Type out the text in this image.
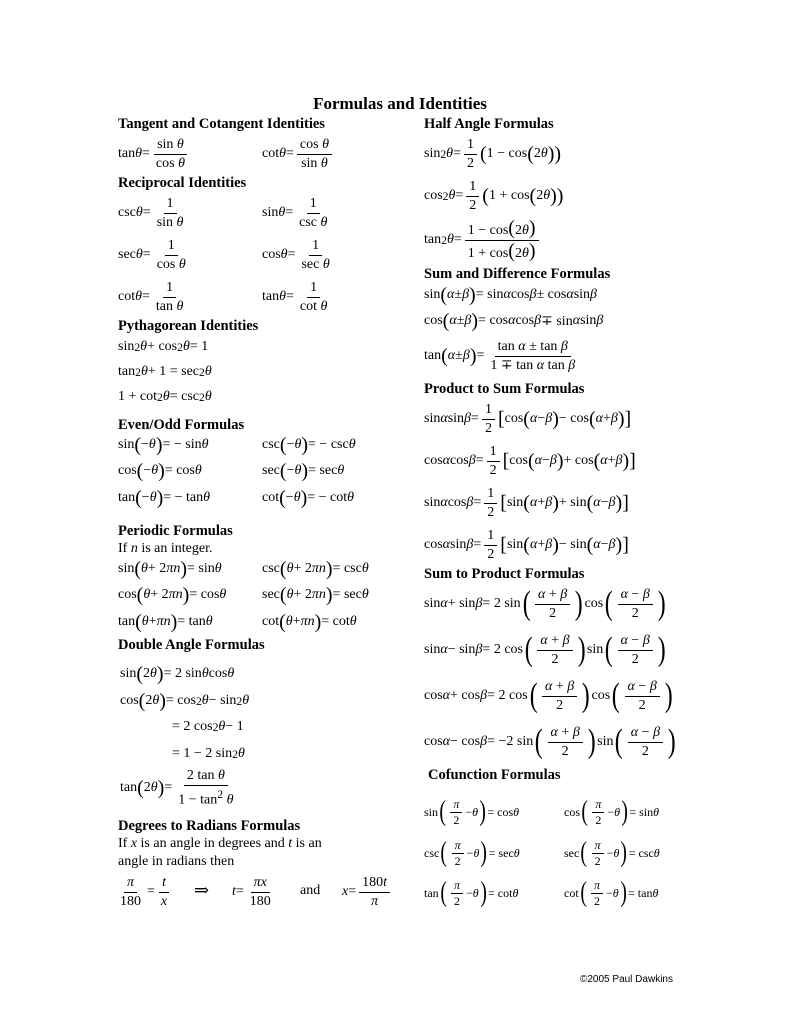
Formulas and Identities
Tangent and Cotangent Identities
$\tan \theta = \frac{\text{sin θ}}{\text{cos θ}}$	$\cot \theta = \frac{\text{cos θ}}{\text{sin θ}}$
Reciprocal Identities
$\csc \theta = \frac{1}{\text{sin θ}}$	$\sin \theta = \frac{1}{\text{csc θ}}$
$\sec \theta = \frac{1}{\text{cos θ}}$	$\cos \theta = \frac{1}{\text{sec θ}}$
$\cot \theta = \frac{1}{\text{tan θ}}$	$\tan \theta = \frac{1}{\text{cot θ}}$
Pythagorean Identities
sin 2 θ + cos 2 θ = 1
tan 2 θ + 1 = sec 2 θ
1 + cot 2 θ = csc 2 θ
Even/Odd Formulas
sin ( − θ ) = − sin θ	csc ( − θ ) = − csc θ
cos ( − θ ) = cos θ	sec ( − θ ) = sec θ
tan ( − θ ) = − tan θ	cot ( − θ ) = − cot θ
Periodic Formulas
If n is an integer.
sin ( θ + 2 πn ) = sin θ	csc ( θ + 2 πn ) = csc θ
cos ( θ + 2 πn ) = cos θ	sec ( θ + 2 πn ) = sec θ
tan ( θ + πn ) = tan θ	cot ( θ + πn ) = cot θ
Double Angle Formulas
sin ( 2 θ ) = 2 sin θ cos θ
cos ( 2 θ ) = cos 2 θ − sin 2 θ
= 2 cos 2 θ − 1
= 1 − 2 sin 2 θ
tan ( 2 θ ) = $\frac{\text{2 tan θ}}{1 - \tan^2 \theta}$
Degrees to Radians Formulas
If x is an angle in degrees and t is an
angle in radians then
$\frac{\pi}{180} = \frac{t}{x}$ ⇒ $t = \frac{\pi x}{180}$ and $x = \frac{180t}{\pi}$
Half Angle Formulas
sin 2 $\theta = \frac{1}{2}$ ( 1 − cos ( 2 θ ))
cos 2 $\theta = \frac{1}{2}$ ( 1 + cos ( 2 θ ))
tan 2 $\theta = \frac{1 - \cos(2\theta)}{1 + \cos(2\theta)}$
Sum and Difference Formulas
sin ( α ± β ) = sin α cos β ± cos α sin β
cos ( α ± β ) = cos α cos β ∓ sin α sin β
tan ( α ± β ) = $\frac{\text{tan α ± tan β}}{\text{1 ∓ tan α tan β}}$
Product to Sum Formulas
sin α $\sin \beta = \frac{1}{2}$ [ cos ( α − β ) − cos ( α + β )]
cos α $\cos \beta = \frac{1}{2}$ [ cos ( α − β ) + cos ( α + β )]
sin α $\cos \beta = \frac{1}{2}$ [ sin ( α + β ) + sin ( α − β )]
cos α $\sin \beta = \frac{1}{2}$ [ sin ( α + β ) − sin ( α − β )]
Sum to Product Formulas
sin α + sin β = 2 sin ( $\frac{\alpha + \beta}{2}$ ) cos ( $\frac{\alpha - \beta}{2}$ )
sin α − sin β = 2 cos ( $\frac{\alpha + \beta}{2}$ ) sin ( $\frac{\alpha - \beta}{2}$ )
cos α + cos β = 2 cos ( $\frac{\alpha + \beta}{2}$ ) cos ( $\frac{\alpha - \beta}{2}$ )
cos α − cos β = −2 sin ( $\frac{\alpha + \beta}{2}$ ) sin ( $\frac{\alpha - \beta}{2}$ )
Cofunction Formulas
sin ( $\frac{\pi}{2} - \theta$ ) = cos θ	cos ( $\frac{\pi}{2} - \theta$ ) = sin θ
csc ( $\frac{\pi}{2} - \theta$ ) = sec θ	sec ( $\frac{\pi}{2} - \theta$ ) = csc θ
tan ( $\frac{\pi}{2} - \theta$ ) = cot θ	cot ( $\frac{\pi}{2} - \theta$ ) = tan θ
©2005 Paul Dawkins
